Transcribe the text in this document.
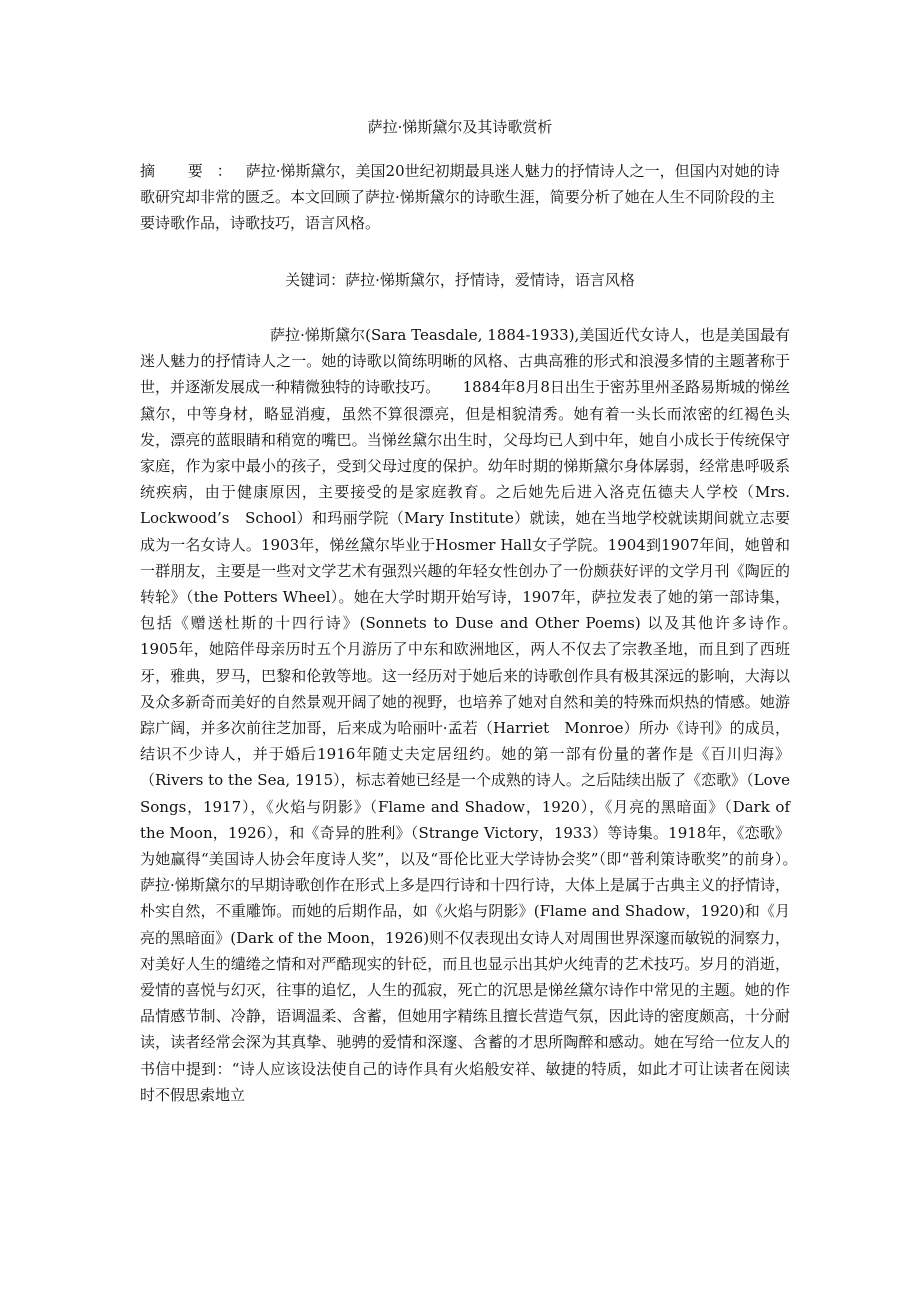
萨拉·悌斯黛尔及其诗歌赏析
摘 要：萨拉·悌斯黛尔，美国20世纪初期最具迷人魅力的抒情诗人之一，但国内对她的诗歌研究却非常的匮乏。本文回顾了萨拉·悌斯黛尔的诗歌生涯，简要分析了她在人生不同阶段的主要诗歌作品，诗歌技巧，语言风格。
关键词：萨拉·悌斯黛尔，抒情诗，爱情诗，语言风格

萨拉·悌斯黛尔(Sara Teasdale, 1884-1933),美国近代女诗人，也是美国最有迷人魅力的抒情诗人之一。她的诗歌以简练明晰的风格、古典高雅的形式和浪漫多情的主题著称于世，并逐渐发展成一种精微独特的诗歌技巧。　　1884年8月8日出生于密苏里州圣路易斯城的悌丝黛尔，中等身材，略显消瘦，虽然不算很漂亮，但是相貌清秀。她有着一头长而浓密的红褐色头发，漂亮的蓝眼睛和稍宽的嘴巴。当悌丝黛尔出生时，父母均已人到中年，她自小成长于传统保守家庭，作为家中最小的孩子，受到父母过度的保护。幼年时期的悌斯黛尔身体孱弱，经常患呼吸系统疾病，由于健康原因，主要接受的是家庭教育。之后她先后进入洛克伍德夫人学校（Mrs.　Lockwood’s　School）和玛丽学院（Mary Institute）就读，她在当地学校就读期间就立志要成为一名女诗人。1903年，悌丝黛尔毕业于Hosmer Hall女子学院。1904到1907年间，她曾和一群朋友，主要是一些对文学艺术有强烈兴趣的年轻女性创办了一份颇获好评的文学月刊《陶匠的转轮》（the Potters Wheel）。她在大学时期开始写诗，1907年，萨拉发表了她的第一部诗集，包括《赠送杜斯的十四行诗》(Sonnets to Duse and Other Poems) 以及其他许多诗作。　　1905年，她陪伴母亲历时五个月游历了中东和欧洲地区，两人不仅去了宗教圣地，而且到了西班牙，雅典，罗马，巴黎和伦敦等地。这一经历对于她后来的诗歌创作具有极其深远的影响，大海以及众多新奇而美好的自然景观开阔了她的视野，也培养了她对自然和美的特殊而炽热的情感。她游踪广阔，并多次前往芝加哥，后来成为哈丽叶·孟若（Harriet　Monroe）所办《诗刊》的成员，结识不少诗人，并于婚后1916年随丈夫定居纽约。她的第一部有份量的著作是《百川归海》（Rivers to the Sea, 1915），标志着她已经是一个成熟的诗人。之后陆续出版了《恋歌》（Love Songs，1917），《火焰与阴影》（Flame and Shadow，1920），《月亮的黑暗面》（Dark of the Moon，1926），和《奇异的胜利》（Strange Victory，1933）等诗集。1918年，《恋歌》为她赢得“美国诗人协会年度诗人奖”，以及“哥伦比亚大学诗协会奖”（即“普利策诗歌奖”的前身）。　　萨拉·悌斯黛尔的早期诗歌创作在形式上多是四行诗和十四行诗，大体上是属于古典主义的抒情诗，朴实自然，不重雕饰。而她的后期作品，如《火焰与阴影》(Flame and Shadow，1920)和《月亮的黑暗面》(Dark of the Moon，1926)则不仅表现出女诗人对周围世界深邃而敏锐的洞察力，对美好人生的缱绻之情和对严酷现实的针砭，而且也显示出其炉火纯青的艺术技巧。岁月的消逝，爱情的喜悦与幻灭，往事的追忆，人生的孤寂，死亡的沉思是悌丝黛尔诗作中常见的主题。她的作品情感节制、冷静，语调温柔、含蓄，但她用字精练且擅长营造气氛，因此诗的密度颇高，十分耐读，读者经常会深为其真挚、驰骋的爱情和深邃、含蓄的才思所陶醉和感动。她在写给一位友人的书信中提到：“诗人应该设法使自己的诗作具有火焰般安祥、敏捷的特质，如此才可让读者在阅读时不假思索地立
